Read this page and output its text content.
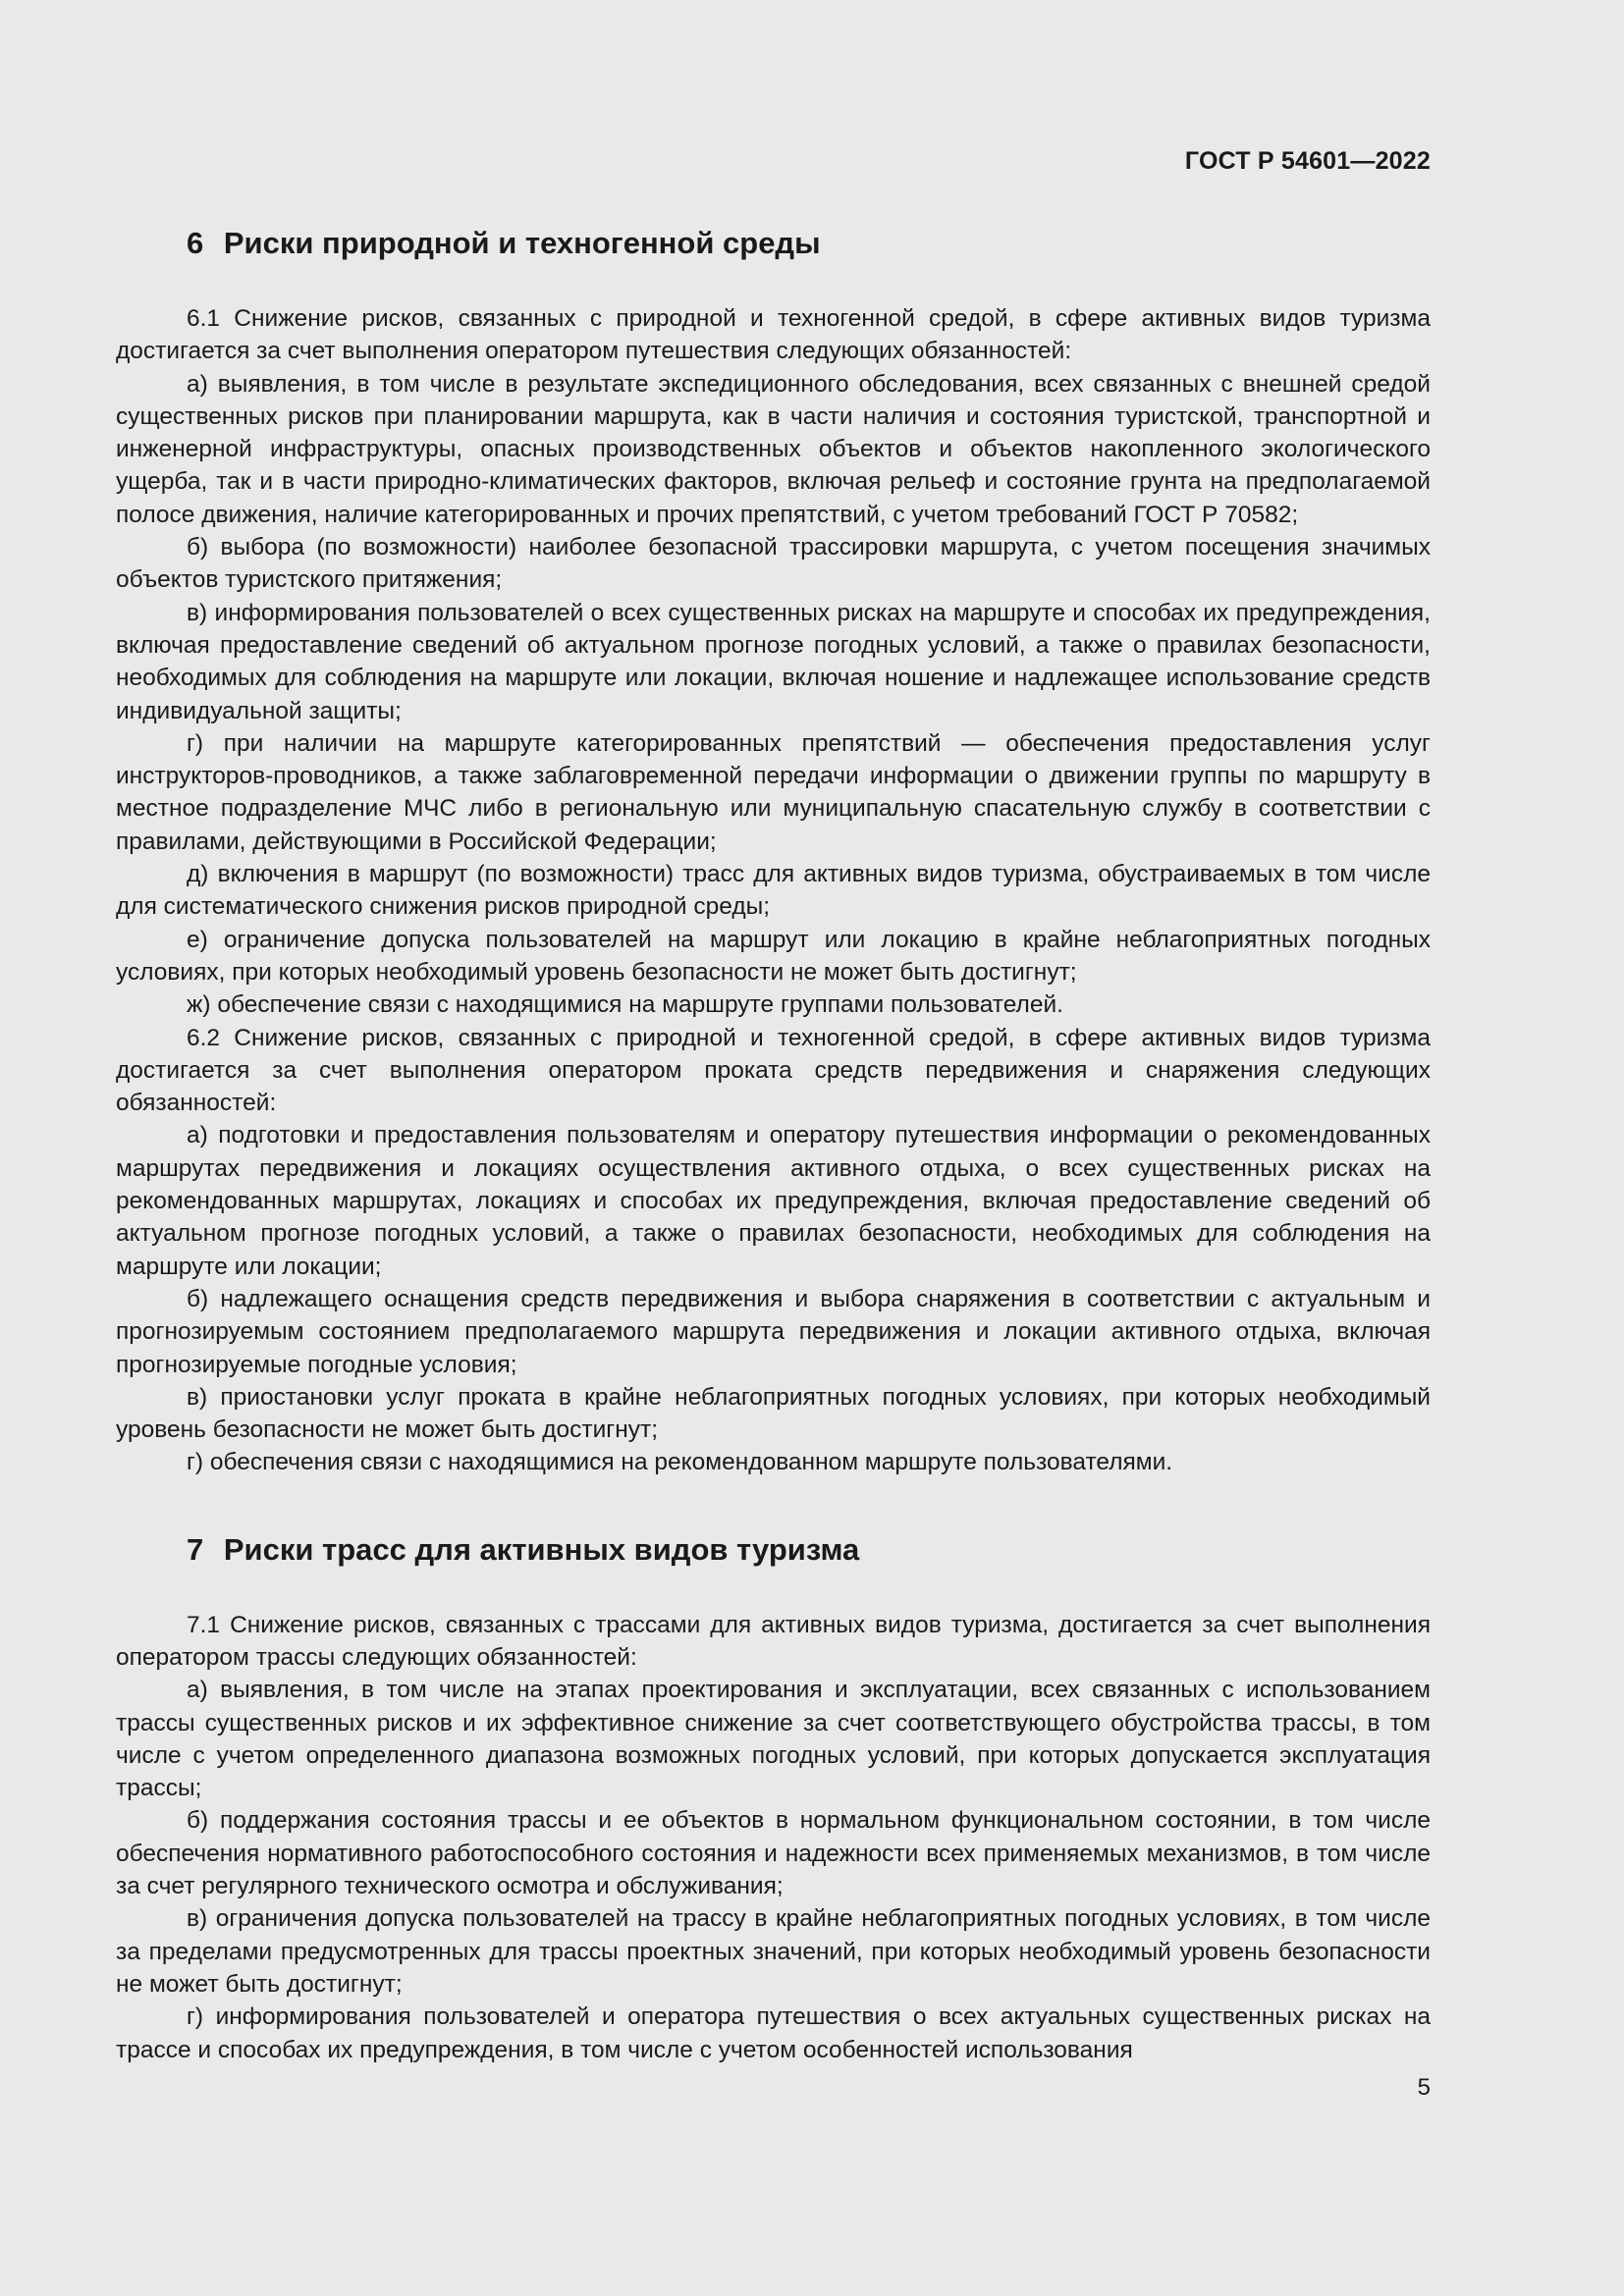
ГОСТ Р 54601—2022
6 Риски природной и техногенной среды

6.1 Снижение рисков, связанных с природной и техногенной средой, в сфере активных видов туризма достигается за счет выполнения оператором путешествия следующих обязанностей:

а) выявления, в том числе в результате экспедиционного обследования, всех связанных с внешней средой существенных рисков при планировании маршрута, как в части наличия и состояния туристской, транспортной и инженерной инфраструктуры, опасных производственных объектов и объектов накопленного экологического ущерба, так и в части природно-климатических факторов, включая рельеф и состояние грунта на предполагаемой полосе движения, наличие категорированных и прочих препятствий, с учетом требований ГОСТ Р 70582;

б) выбора (по возможности) наиболее безопасной трассировки маршрута, с учетом посещения значимых объектов туристского притяжения;

в) информирования пользователей о всех существенных рисках на маршруте и способах их предупреждения, включая предоставление сведений об актуальном прогнозе погодных условий, а также о правилах безопасности, необходимых для соблюдения на маршруте или локации, включая ношение и надлежащее использование средств индивидуальной защиты;

г) при наличии на маршруте категорированных препятствий — обеспечения предоставления услуг инструкторов-проводников, а также заблаговременной передачи информации о движении группы по маршруту в местное подразделение МЧС либо в региональную или муниципальную спасательную службу в соответствии с правилами, действующими в Российской Федерации;

д) включения в маршрут (по возможности) трасс для активных видов туризма, обустраиваемых в том числе для систематического снижения рисков природной среды;

е) ограничение допуска пользователей на маршрут или локацию в крайне неблагоприятных погодных условиях, при которых необходимый уровень безопасности не может быть достигнут;

ж) обеспечение связи с находящимися на маршруте группами пользователей.

6.2 Снижение рисков, связанных с природной и техногенной средой, в сфере активных видов туризма достигается за счет выполнения оператором проката средств передвижения и снаряжения следующих обязанностей:

а) подготовки и предоставления пользователям и оператору путешествия информации о рекомендованных маршрутах передвижения и локациях осуществления активного отдыха, о всех существенных рисках на рекомендованных маршрутах, локациях и способах их предупреждения, включая предоставление сведений об актуальном прогнозе погодных условий, а также о правилах безопасности, необходимых для соблюдения на маршруте или локации;

б) надлежащего оснащения средств передвижения и выбора снаряжения в соответствии с актуальным и прогнозируемым состоянием предполагаемого маршрута передвижения и локации активного отдыха, включая прогнозируемые погодные условия;

в) приостановки услуг проката в крайне неблагоприятных погодных условиях, при которых необходимый уровень безопасности не может быть достигнут;

г) обеспечения связи с находящимися на рекомендованном маршруте пользователями.

7 Риски трасс для активных видов туризма

7.1 Снижение рисков, связанных с трассами для активных видов туризма, достигается за счет выполнения оператором трассы следующих обязанностей:

а) выявления, в том числе на этапах проектирования и эксплуатации, всех связанных с использованием трассы существенных рисков и их эффективное снижение за счет соответствующего обустройства трассы, в том числе с учетом определенного диапазона возможных погодных условий, при которых допускается эксплуатация трассы;

б) поддержания состояния трассы и ее объектов в нормальном функциональном состоянии, в том числе обеспечения нормативного работоспособного состояния и надежности всех применяемых механизмов, в том числе за счет регулярного технического осмотра и обслуживания;

в) ограничения допуска пользователей на трассу в крайне неблагоприятных погодных условиях, в том числе за пределами предусмотренных для трассы проектных значений, при которых необходимый уровень безопасности не может быть достигнут;

г) информирования пользователей и оператора путешествия о всех актуальных существенных рисках на трассе и способах их предупреждения, в том числе с учетом особенностей использования

5
